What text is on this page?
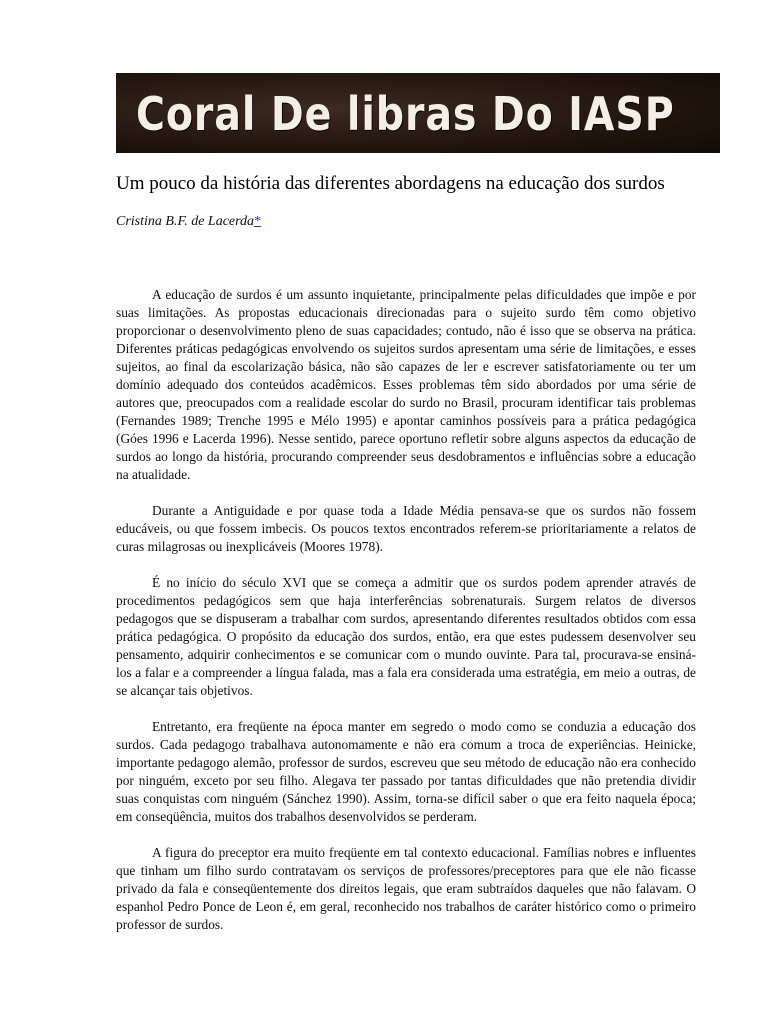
Coral De libras Do IASP
Um pouco da história das diferentes abordagens na educação dos surdos
Cristina B.F. de Lacerda*

A educação de surdos é um assunto inquietante, principalmente pelas dificuldades que impõe e por suas limitações. As propostas educacionais direcionadas para o sujeito surdo têm como objetivo proporcionar o desenvolvimento pleno de suas capacidades; contudo, não é isso que se observa na prática. Diferentes práticas pedagógicas envolvendo os sujeitos surdos apresentam uma série de limitações, e esses sujeitos, ao final da escolarização básica, não são capazes de ler e escrever satisfatoriamente ou ter um domínio adequado dos conteúdos acadêmicos. Esses problemas têm sido abordados por uma série de autores que, preocupados com a realidade escolar do surdo no Brasil, procuram identificar tais problemas (Fernandes 1989; Trenche 1995 e Mélo 1995) e apontar caminhos possíveis para a prática pedagógica (Góes 1996 e Lacerda 1996). Nesse sentido, parece oportuno refletir sobre alguns aspectos da educação de surdos ao longo da história, procurando compreender seus desdobramentos e influências sobre a educação na atualidade.

Durante a Antiguidade e por quase toda a Idade Média pensava-se que os surdos não fossem educáveis, ou que fossem imbecis. Os poucos textos encontrados referem-se prioritariamente a relatos de curas milagrosas ou inexplicáveis (Moores 1978).

É no início do século XVI que se começa a admitir que os surdos podem aprender através de procedimentos pedagógicos sem que haja interferências sobrenaturais. Surgem relatos de diversos pedagogos que se dispuseram a trabalhar com surdos, apresentando diferentes resultados obtidos com essa prática pedagógica. O propósito da educação dos surdos, então, era que estes pudessem desenvolver seu pensamento, adquirir conhecimentos e se comunicar com o mundo ouvinte. Para tal, procurava-se ensiná-los a falar e a compreender a língua falada, mas a fala era considerada uma estratégia, em meio a outras, de se alcançar tais objetivos.

Entretanto, era freqüente na época manter em segredo o modo como se conduzia a educação dos surdos. Cada pedagogo trabalhava autonomamente e não era comum a troca de experiências. Heinicke, importante pedagogo alemão, professor de surdos, escreveu que seu método de educação não era conhecido por ninguém, exceto por seu filho. Alegava ter passado por tantas dificuldades que não pretendia dividir suas conquistas com ninguém (Sánchez 1990). Assim, torna-se difícil saber o que era feito naquela época; em conseqüência, muitos dos trabalhos desenvolvidos se perderam.

A figura do preceptor era muito freqüente em tal contexto educacional. Famílias nobres e influentes que tinham um filho surdo contratavam os serviços de professores/preceptores para que ele não ficasse privado da fala e conseqüentemente dos direitos legais, que eram subtraídos daqueles que não falavam. O espanhol Pedro Ponce de Leon é, em geral, reconhecido nos trabalhos de caráter histórico como o primeiro professor de surdos.
